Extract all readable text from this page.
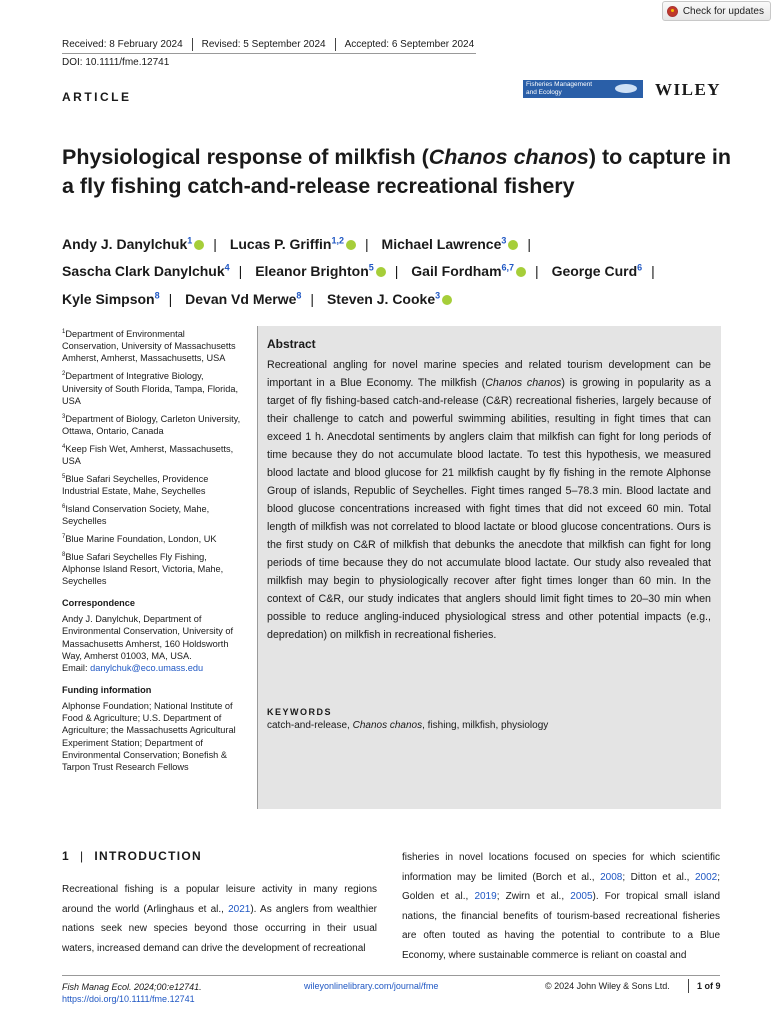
Check for updates
Received: 8 February 2024 Revised: 5 September 2024 Accepted: 6 September 2024
DOI: 10.1111/fme.12741
ARTICLE
Fisheries Management
and Ecology	WILEY
Physiological response of milkfish (Chanos chanos) to capture in a fly fishing catch-and-release recreational fishery
Andy J. Danylchuk$^1$ | Lucas P. Griffin$^{1,2}$ | Michael Lawrence$^3$ |
Sascha Clark Danylchuk$^4$ | Eleanor Brighton$^5$ | Gail Fordham$^{6,7}$ | George Curd$^6$ |
Kyle Simpson$^8$ | Devan Vd Merwe$^8$ | Steven J. Cooke$^3$

$^1$Department of Environmental Conservation, University of Massachusetts Amherst, Amherst, Massachusetts, USA

$^2$Department of Integrative Biology, University of South Florida, Tampa, Florida, USA

$^3$Department of Biology, Carleton University, Ottawa, Ontario, Canada

$^4$Keep Fish Wet, Amherst, Massachusetts, USA

$^5$Blue Safari Seychelles, Providence Industrial Estate, Mahe, Seychelles

$^6$Island Conservation Society, Mahe, Seychelles

$^7$Blue Marine Foundation, London, UK

$^8$Blue Safari Seychelles Fly Fishing, Alphonse Island Resort, Victoria, Mahe, Seychelles

Correspondence

Andy J. Danylchuk, Department of Environmental Conservation, University of Massachusetts Amherst, 160 Holdsworth Way, Amherst 01003, MA, USA.
Email: danylchuk@eco.umass.edu

Funding information

Alphonse Foundation; National Institute of Food & Agriculture; U.S. Department of Agriculture; the Massachusetts Agricultural Experiment Station; Department of Environmental Conservation; Bonefish & Tarpon Trust Research Fellows

Abstract
Recreational angling for novel marine species and related tourism development can be important in a Blue Economy. The milkfish (Chanos chanos) is growing in popularity as a target of fly fishing-based catch-and-release (C&R) recreational fisheries, largely because of their challenge to catch and powerful swimming abilities, resulting in fight times that can exceed 1 h. Anecdotal sentiments by anglers claim that milkfish can fight for long periods of time because they do not accumulate blood lactate. To test this hypothesis, we measured blood lactate and blood glucose for 21 milkfish caught by fly fishing in the remote Alphonse Group of islands, Republic of Seychelles. Fight times ranged 5–78.3 min. Blood lactate and blood glucose concentrations increased with fight times that did not exceed 60 min. Total length of milkfish was not correlated to blood lactate or blood glucose concentrations. Ours is the first study on C&R of milkfish that debunks the anecdote that milkfish can fight for long periods of time because they do not accumulate blood lactate. Our study also revealed that milkfish may begin to physiologically recover after fight times longer than 60 min. In the context of C&R, our study indicates that anglers should limit fight times to 20–30 min when possible to reduce angling-induced physiological stress and other potential impacts (e.g., depredation) on milkfish in recreational fisheries.
KEYWORDS
catch-and-release, Chanos chanos, fishing, milkfish, physiology
1 | INTRODUCTION
Recreational fishing is a popular leisure activity in many regions around the world (Arlinghaus et al., 2021). As anglers from wealthier nations seek new species beyond those occurring in their usual waters, increased demand can drive the development of recreational
fisheries in novel locations focused on species for which scientific information may be limited (Borch et al., 2008; Ditton et al., 2002; Golden et al., 2019; Zwirn et al., 2005). For tropical small island nations, the financial benefits of tourism-based recreational fisheries are often touted as having the potential to contribute to a Blue Economy, where sustainable commerce is reliant on coastal and
Fish Manag Ecol. 2024;00:e12741.
https://doi.org/10.1111/fme.12741
wileyonlinelibrary.com/journal/fme	© 2024 John Wiley & Sons Ltd.	1 of 9
